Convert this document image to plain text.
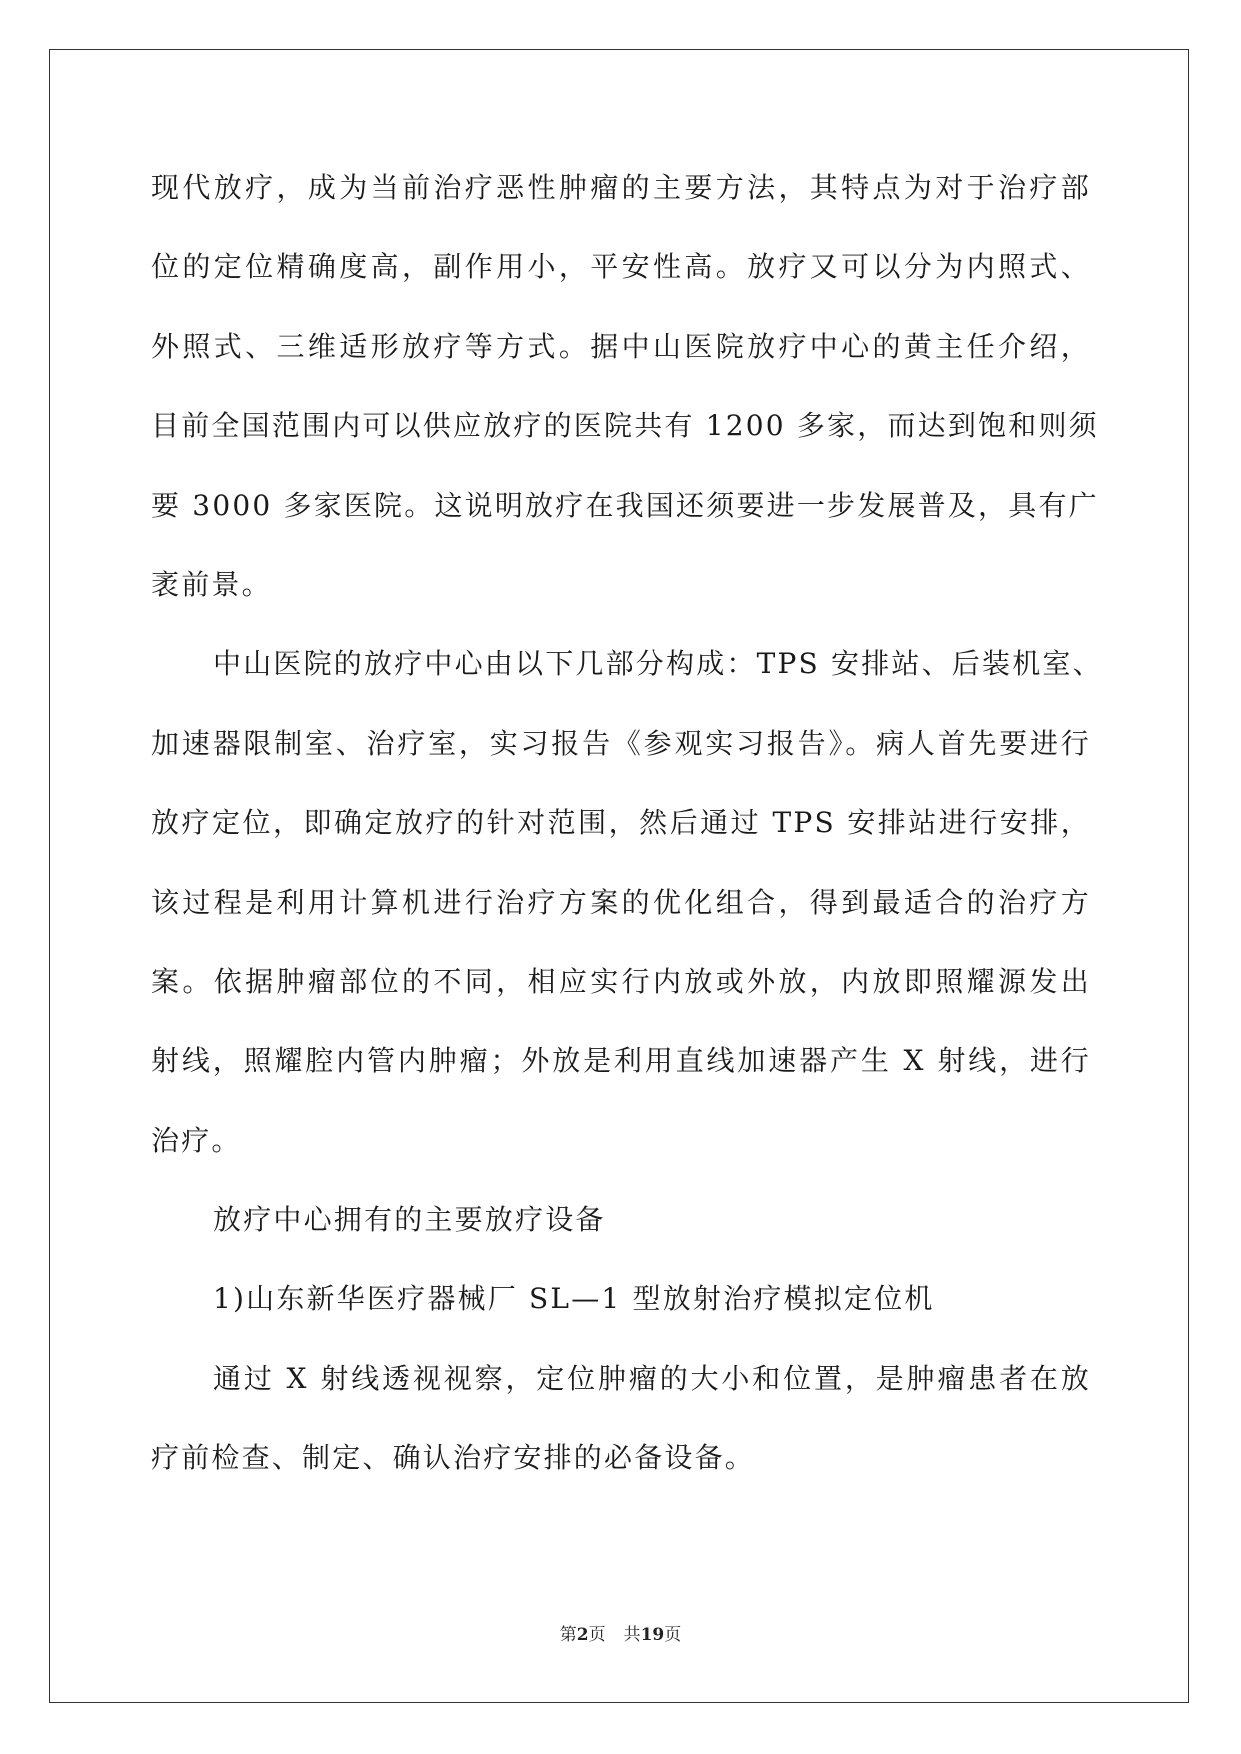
现代放疗，成为当前治疗恶性肿瘤的主要方法，其特点为对于治疗部
位的定位精确度高，副作用小，平安性高。放疗又可以分为内照式、
外照式、三维适形放疗等方式。据中山医院放疗中心的黄主任介绍，
目前全国范围内可以供应放疗的医院共有 1200 多家，而达到饱和则须
要 3000 多家医院。这说明放疗在我国还须要进一步发展普及，具有广
袤前景。
中山医院的放疗中心由以下几部分构成：TPS 安排站、后装机室、
加速器限制室、治疗室，实习报告《参观实习报告》。病人首先要进行
放疗定位，即确定放疗的针对范围，然后通过 TPS 安排站进行安排，
该过程是利用计算机进行治疗方案的优化组合，得到最适合的治疗方
案。依据肿瘤部位的不同，相应实行内放或外放，内放即照耀源发出
射线，照耀腔内管内肿瘤；外放是利用直线加速器产生 X 射线，进行
治疗。
放疗中心拥有的主要放疗设备
1)山东新华医疗器械厂 SL—1 型放射治疗模拟定位机
通过 X 射线透视视察，定位肿瘤的大小和位置，是肿瘤患者在放
疗前检查、制定、确认治疗安排的必备设备。
第2页 共19页
